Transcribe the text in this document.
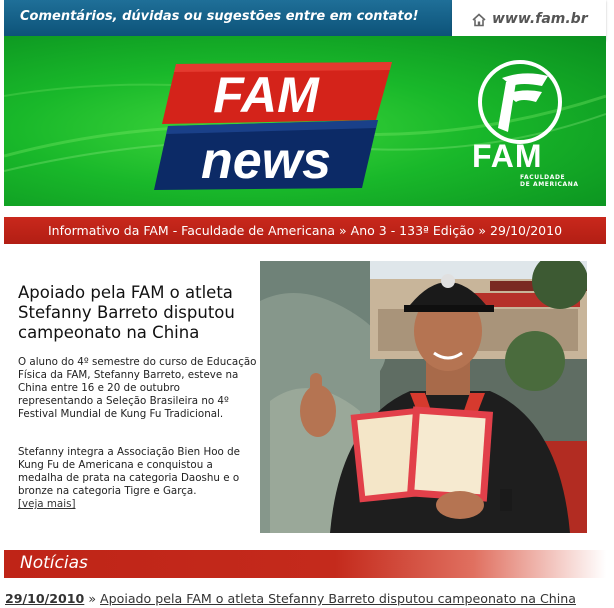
Comentários, dúvidas ou sugestões entre em contato!	www.fam.br
FAM
news	FAM
FACULDADE
DE AMERICANA
Informativo da FAM - Faculdade de Americana » Ano 3 - 133ª Edição » 29/10/2010
Apoiado pela FAM o atleta Stefanny Barreto disputou campeonato na China

O aluno do 4º semestre do curso de Educação Física da FAM, Stefanny Barreto, esteve na China entre 16 e 20 de outubro representando a Seleção Brasileira no 4º Festival Mundial de Kung Fu Tradicional.

Stefanny integra a Associação Bien Hoo de Kung Fu de Americana e conquistou a medalha de prata na categoria Daoshu e o bronze na categoria Tigre e Garça.

[veja mais]
Notícias
29/10/2010 » Apoiado pela FAM o atleta Stefanny Barreto disputou campeonato na China
